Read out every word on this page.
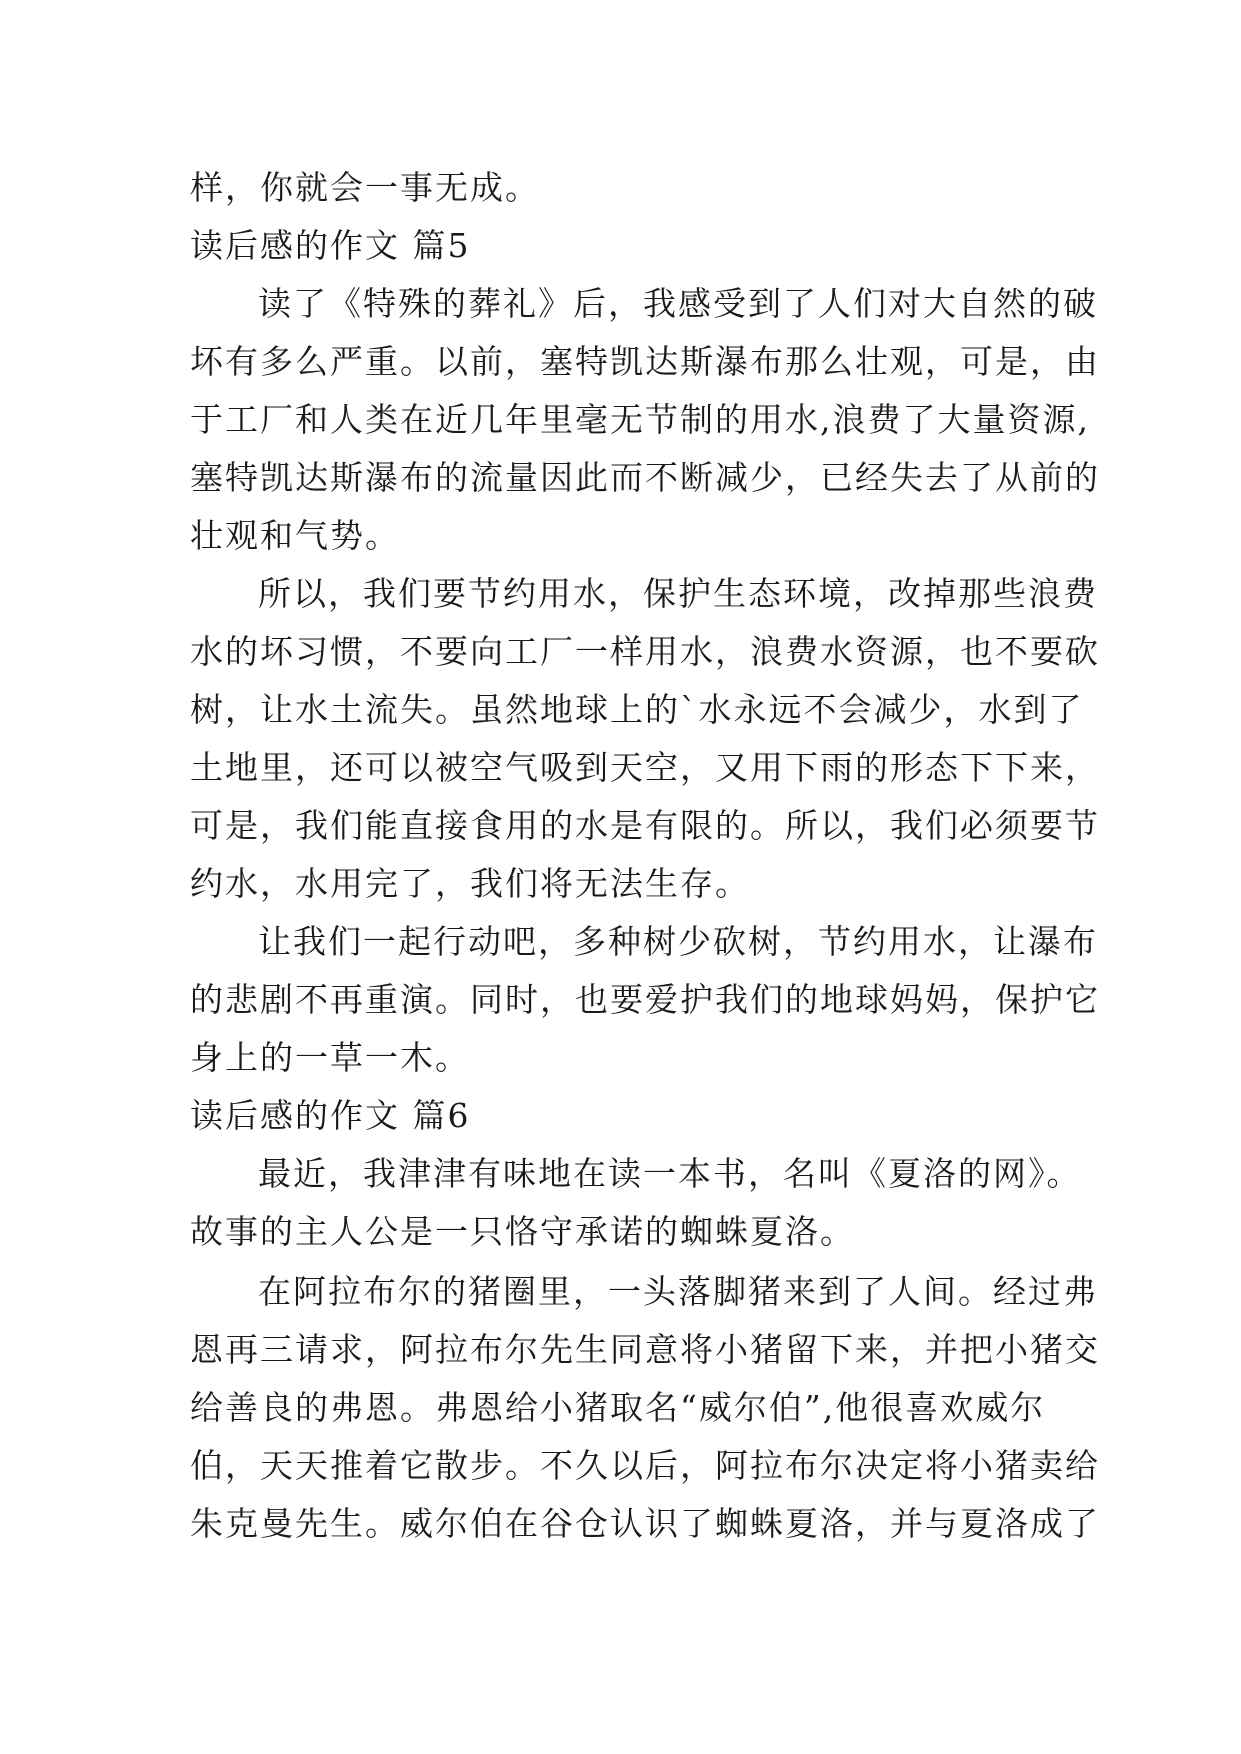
样，你就会一事无成。
读后感的作文 篇5
读了《特殊的葬礼》后，我感受到了人们对大自然的破
坏有多么严重。以前，塞特凯达斯瀑布那么壮观，可是，由
于工厂和人类在近几年里毫无节制的用水,浪费了大量资源,
塞特凯达斯瀑布的流量因此而不断减少，已经失去了从前的
壮观和气势。
所以，我们要节约用水，保护生态环境，改掉那些浪费
水的坏习惯，不要向工厂一样用水，浪费水资源，也不要砍
树，让水土流失。虽然地球上的`水永远不会减少，水到了
土地里，还可以被空气吸到天空，又用下雨的形态下下来，
可是，我们能直接食用的水是有限的。所以，我们必须要节
约水，水用完了，我们将无法生存。
让我们一起行动吧，多种树少砍树，节约用水，让瀑布
的悲剧不再重演。同时，也要爱护我们的地球妈妈，保护它
身上的一草一木。
读后感的作文 篇6
最近，我津津有味地在读一本书，名叫《夏洛的网》。
故事的主人公是一只恪守承诺的蜘蛛夏洛。
在阿拉布尔的猪圈里，一头落脚猪来到了人间。经过弗
恩再三请求，阿拉布尔先生同意将小猪留下来，并把小猪交
给善良的弗恩。弗恩给小猪取名“威尔伯”,他很喜欢威尔
伯，天天推着它散步。不久以后，阿拉布尔决定将小猪卖给
朱克曼先生。威尔伯在谷仓认识了蜘蛛夏洛，并与夏洛成了
